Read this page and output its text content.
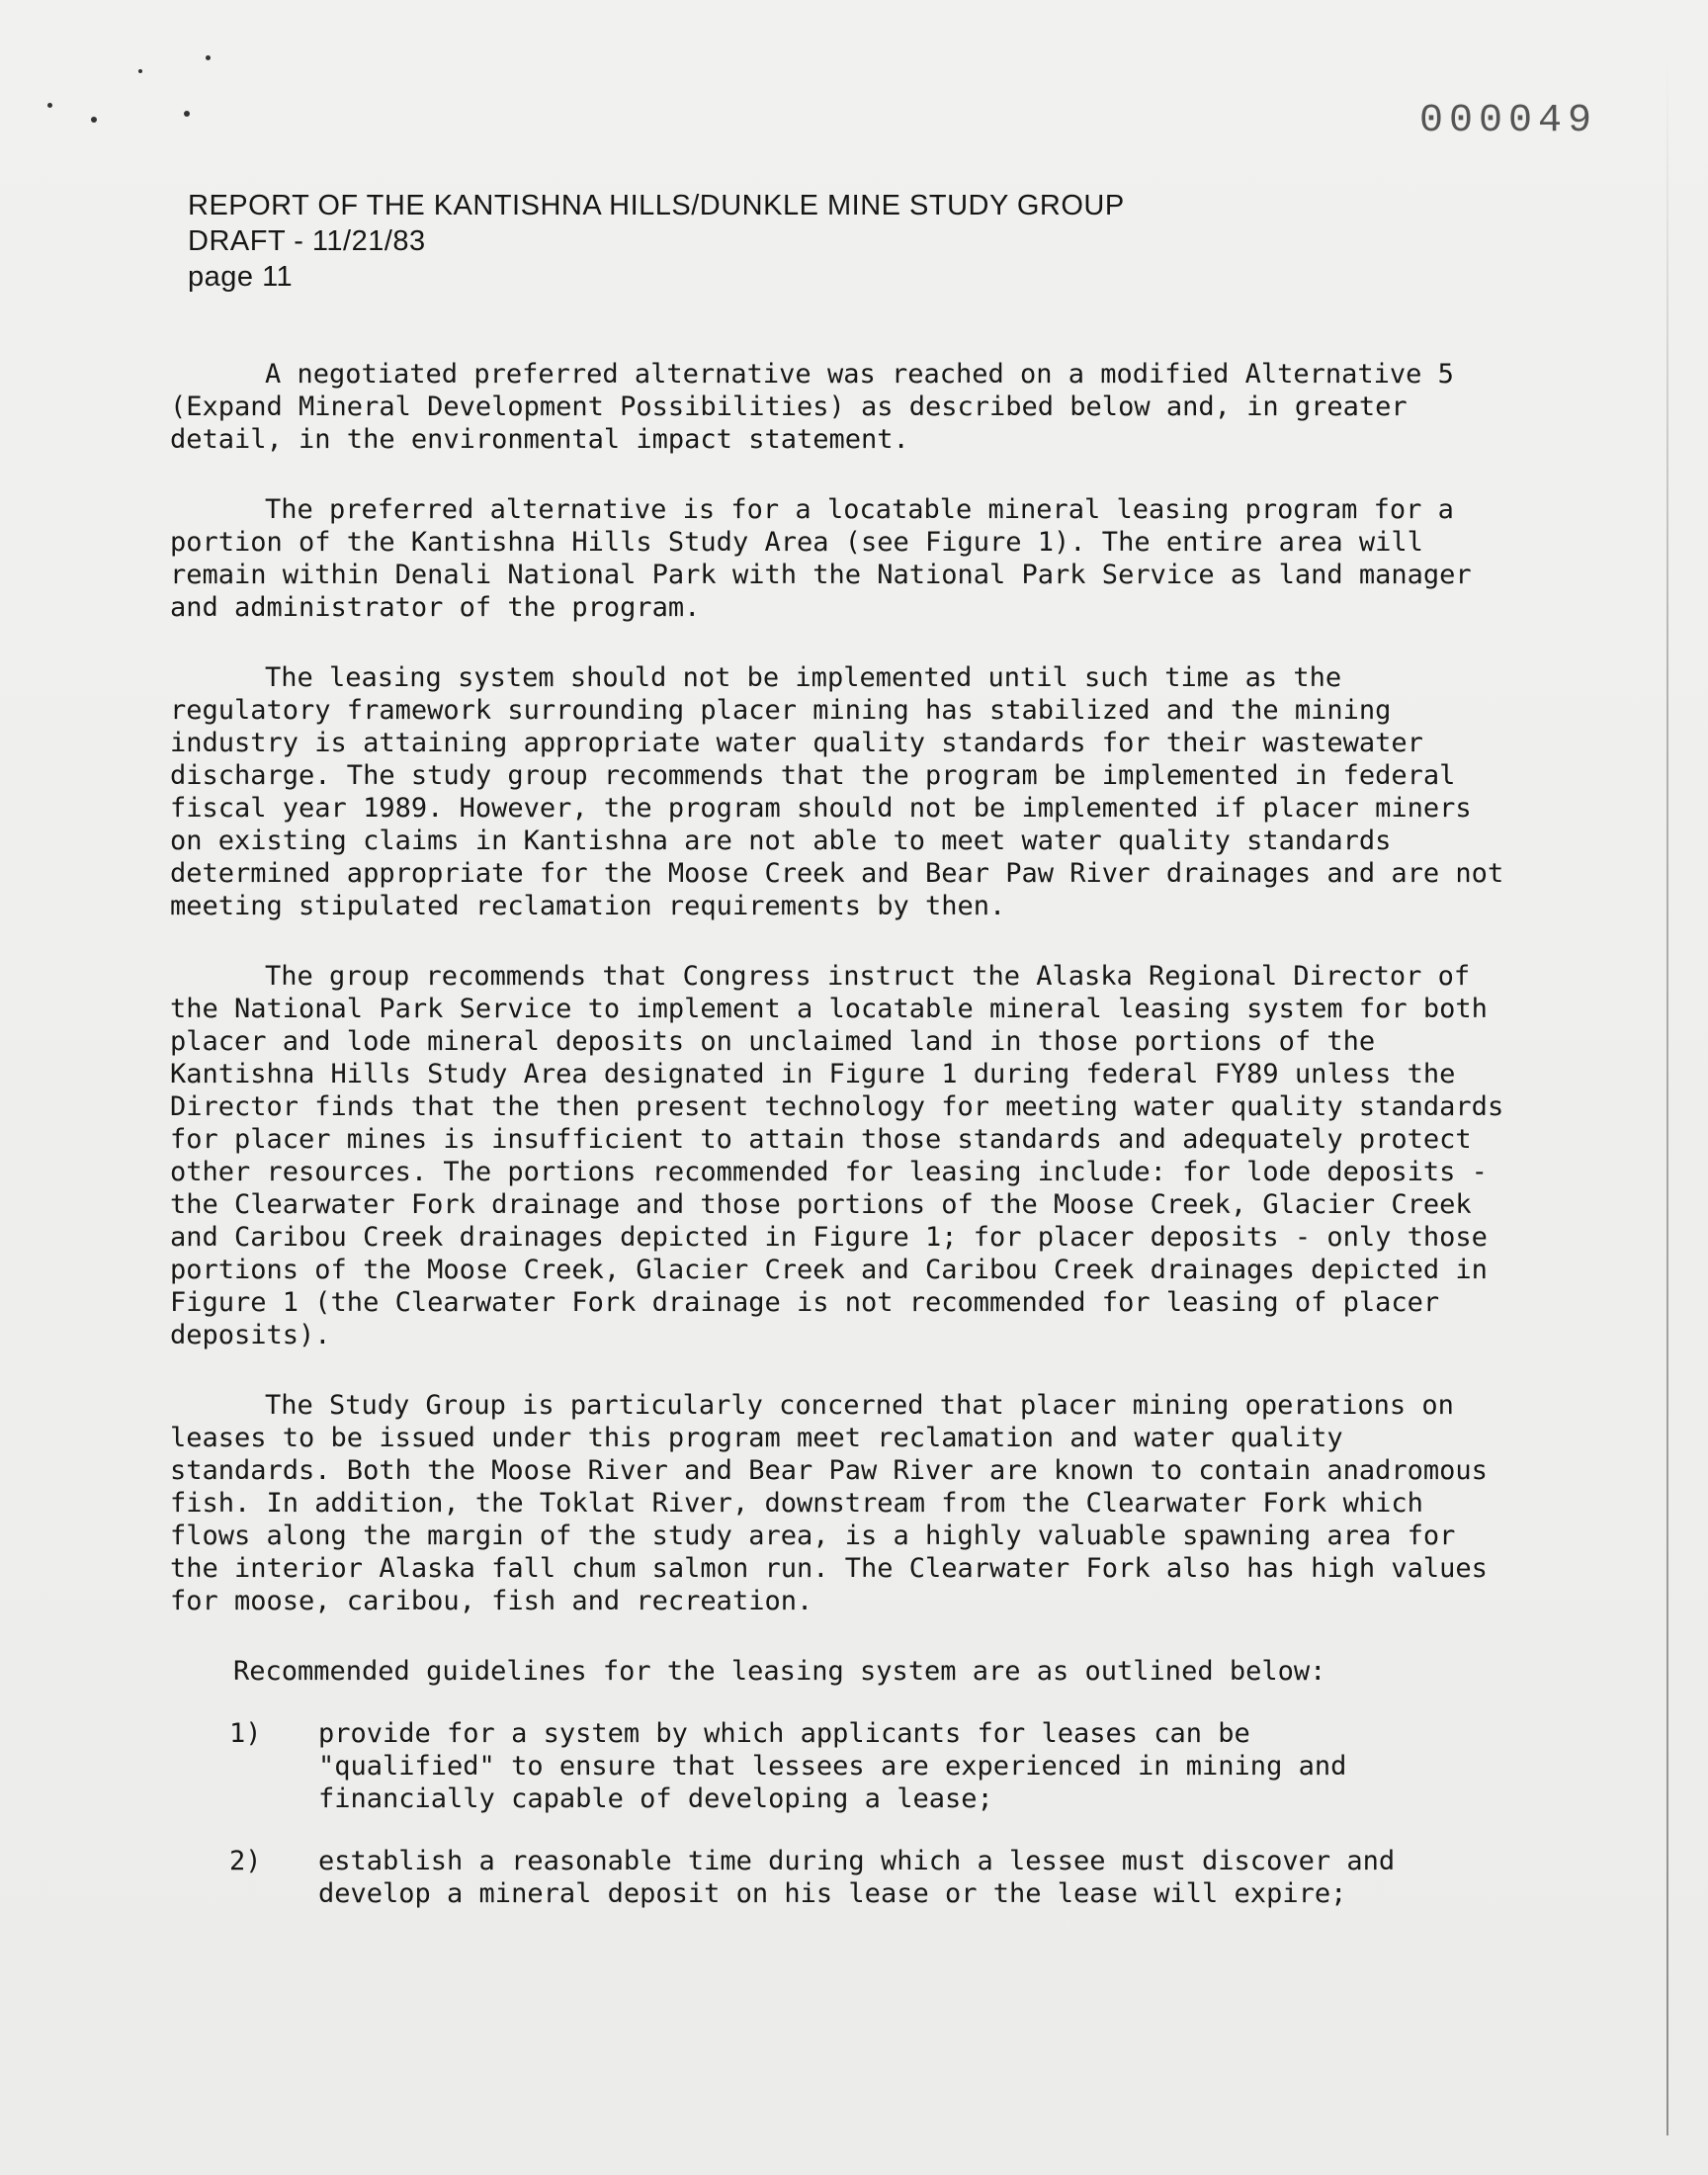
000049
REPORT OF THE KANTISHNA HILLS/DUNKLE MINE STUDY GROUP
DRAFT - 11/21/83
page 11

A negotiated preferred alternative was reached on a modified Alternative 5 (Expand Mineral Development Possibilities) as described below and, in greater detail, in the environmental impact statement.

The preferred alternative is for a locatable mineral leasing program for a portion of the Kantishna Hills Study Area (see Figure 1). The entire area will remain within Denali National Park with the National Park Service as land manager and administrator of the program.

The leasing system should not be implemented until such time as the regulatory framework surrounding placer mining has stabilized and the mining industry is attaining appropriate water quality standards for their wastewater discharge. The study group recommends that the program be implemented in federal fiscal year 1989. However, the program should not be implemented if placer miners on existing claims in Kantishna are not able to meet water quality standards determined appropriate for the Moose Creek and Bear Paw River drainages and are not meeting stipulated reclamation requirements by then.

The group recommends that Congress instruct the Alaska Regional Director of the National Park Service to implement a locatable mineral leasing system for both placer and lode mineral deposits on unclaimed land in those portions of the Kantishna Hills Study Area designated in Figure 1 during federal FY89 unless the Director finds that the then present technology for meeting water quality standards for placer mines is insufficient to attain those standards and adequately protect other resources. The portions recommended for leasing include: for lode deposits - the Clearwater Fork drainage and those portions of the Moose Creek, Glacier Creek and Caribou Creek drainages depicted in Figure 1; for placer deposits - only those portions of the Moose Creek, Glacier Creek and Caribou Creek drainages depicted in Figure 1 (the Clearwater Fork drainage is not recommended for leasing of placer deposits).

The Study Group is particularly concerned that placer mining operations on leases to be issued under this program meet reclamation and water quality standards. Both the Moose River and Bear Paw River are known to contain anadromous fish. In addition, the Toklat River, downstream from the Clearwater Fork which flows along the margin of the study area, is a highly valuable spawning area for the interior Alaska fall chum salmon run. The Clearwater Fork also has high values for moose, caribou, fish and recreation.

Recommended guidelines for the leasing system are as outlined below:

1)	provide for a system by which applicants for leases can be "qualified" to ensure that lessees are experienced in mining and financially capable of developing a lease;
2)	establish a reasonable time during which a lessee must discover and develop a mineral deposit on his lease or the lease will expire;
